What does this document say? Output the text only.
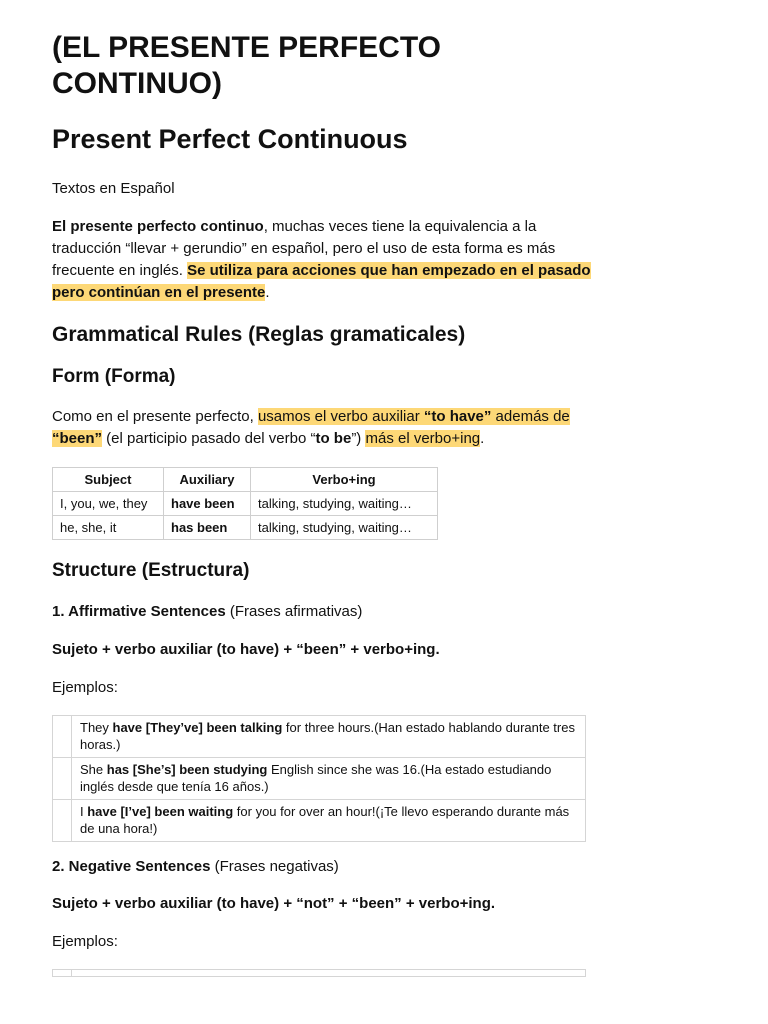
(EL PRESENTE PERFECTO CONTINUO)
Present Perfect Continuous

Textos en Español

El presente perfecto continuo, muchas veces tiene la equivalencia a la traducción “llevar + gerundio” en español, pero el uso de esta forma es más frecuente en inglés. Se utiliza para acciones que han empezado en el pasado pero continúan en el presente.

Grammatical Rules (Reglas gramaticales)
Form (Forma)

Como en el presente perfecto, usamos el verbo auxiliar “to have” además de “been” (el participio pasado del verbo “to be”) más el verbo+ing.

Subject	Auxiliary	Verbo+ing
I, you, we, they	have been	talking, studying, waiting…
he, she, it	has been	talking, studying, waiting…
Structure (Estructura)

1. Affirmative Sentences (Frases afirmativas)

Sujeto + verbo auxiliar (to have) + “been” + verbo+ing.

Ejemplos:

They have [They’ve] been talking for three hours.(Han estado hablando durante tres horas.)
She has [She’s] been studying English since she was 16.(Ha estado estudiando inglés desde que tenía 16 años.)
I have [I’ve] been waiting for you for over an hour!(¡Te llevo esperando durante más de una hora!)

2. Negative Sentences (Frases negativas)

Sujeto + verbo auxiliar (to have) + “not” + “been” + verbo+ing.

Ejemplos:
